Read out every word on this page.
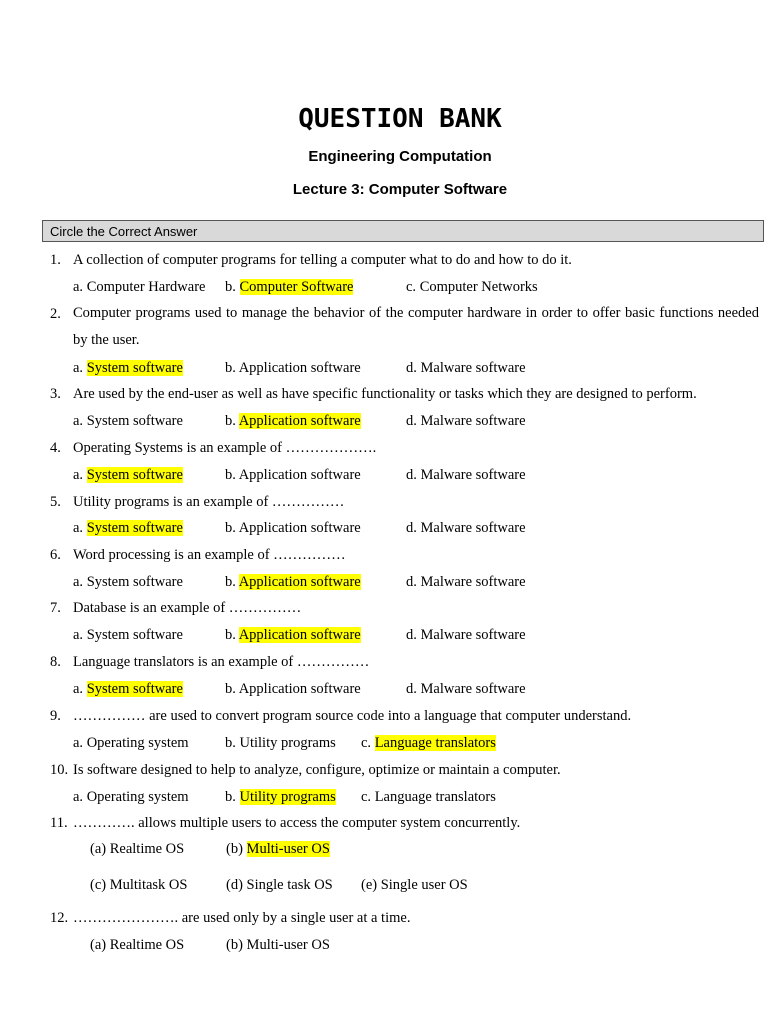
QUESTION BANK
Engineering Computation
Lecture 3: Computer Software
Circle the Correct Answer
1. A collection of computer programs for telling a computer what to do and how to do it.
a. Computer Hardware b. Computer Software	c. Computer Networks
2. Computer programs used to manage the behavior of the computer hardware in order to offer basic functions needed by the user.
a. System software	b. Application software	d. Malware software
3. Are used by the end-user as well as have specific functionality or tasks which they are designed to perform.
a. System software	b. Application software	d. Malware software
4. Operating Systems is an example of ……………….
a. System software	b. Application software	d. Malware software
5. Utility programs is an example of ……………
a. System software	b. Application software	d. Malware software
6. Word processing is an example of ……………
a. System software	b. Application software	d. Malware software
7. Database is an example of ……………
a. System software	b. Application software	d. Malware software
8. Language translators is an example of ……………
a. System software	b. Application software	d. Malware software
9. …………… are used to convert program source code into a language that computer understand.
a. Operating system	b. Utility programs c. Language translators
10. Is software designed to help to analyze, configure, optimize or maintain a computer.
a. Operating system	b. Utility programs c. Language translators
11. …………. allows multiple users to access the computer system concurrently.
(a) Realtime OS	(b) Multi-user OS
(c) Multitask OS	(d) Single task OS (e) Single user OS
12. …………………. are used only by a single user at a time.
(a) Realtime OS	(b) Multi-user OS
